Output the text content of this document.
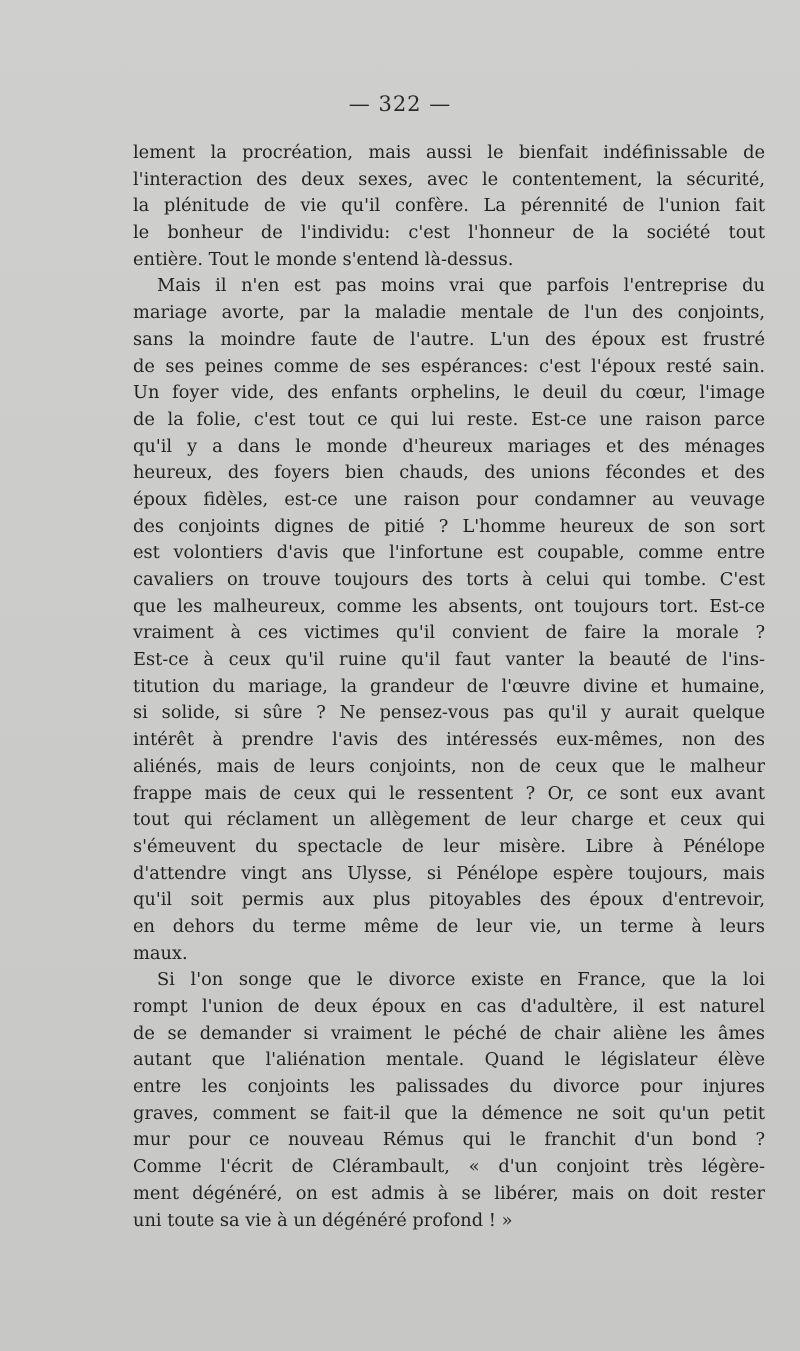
— 322 —

lement la procréation, mais aussi le bienfait indéfinissable de
l'interaction des deux sexes, avec le contentement, la sécurité,
la plénitude de vie qu'il confère. La pérennité de l'union fait
le bonheur de l'individu: c'est l'honneur de la société tout
entière. Tout le monde s'entend là-dessus.

Mais il n'en est pas moins vrai que parfois l'entreprise du
mariage avorte, par la maladie mentale de l'un des conjoints,
sans la moindre faute de l'autre. L'un des époux est frustré
de ses peines comme de ses espérances: c'est l'époux resté sain.
Un foyer vide, des enfants orphelins, le deuil du cœur, l'image
de la folie, c'est tout ce qui lui reste. Est-ce une raison parce
qu'il y a dans le monde d'heureux mariages et des ménages
heureux, des foyers bien chauds, des unions fécondes et des
époux fidèles, est-ce une raison pour condamner au veuvage
des conjoints dignes de pitié ? L'homme heureux de son sort
est volontiers d'avis que l'infortune est coupable, comme entre
cavaliers on trouve toujours des torts à celui qui tombe. C'est
que les malheureux, comme les absents, ont toujours tort. Est-ce
vraiment à ces victimes qu'il convient de faire la morale ?
Est-ce à ceux qu'il ruine qu'il faut vanter la beauté de l'ins-
titution du mariage, la grandeur de l'œuvre divine et humaine,
si solide, si sûre ? Ne pensez-vous pas qu'il y aurait quelque
intérêt à prendre l'avis des intéressés eux-mêmes, non des
aliénés, mais de leurs conjoints, non de ceux que le malheur
frappe mais de ceux qui le ressentent ? Or, ce sont eux avant
tout qui réclament un allègement de leur charge et ceux qui
s'émeuvent du spectacle de leur misère. Libre à Pénélope
d'attendre vingt ans Ulysse, si Pénélope espère toujours, mais
qu'il soit permis aux plus pitoyables des époux d'entrevoir,
en dehors du terme même de leur vie, un terme à leurs
maux.

Si l'on songe que le divorce existe en France, que la loi
rompt l'union de deux époux en cas d'adultère, il est naturel
de se demander si vraiment le péché de chair aliène les âmes
autant que l'aliénation mentale. Quand le législateur élève
entre les conjoints les palissades du divorce pour injures
graves, comment se fait-il que la démence ne soit qu'un petit
mur pour ce nouveau Rémus qui le franchit d'un bond ?
Comme l'écrit de Clérambault, « d'un conjoint très légère-
ment dégénéré, on est admis à se libérer, mais on doit rester
uni toute sa vie à un dégénéré profond ! »
